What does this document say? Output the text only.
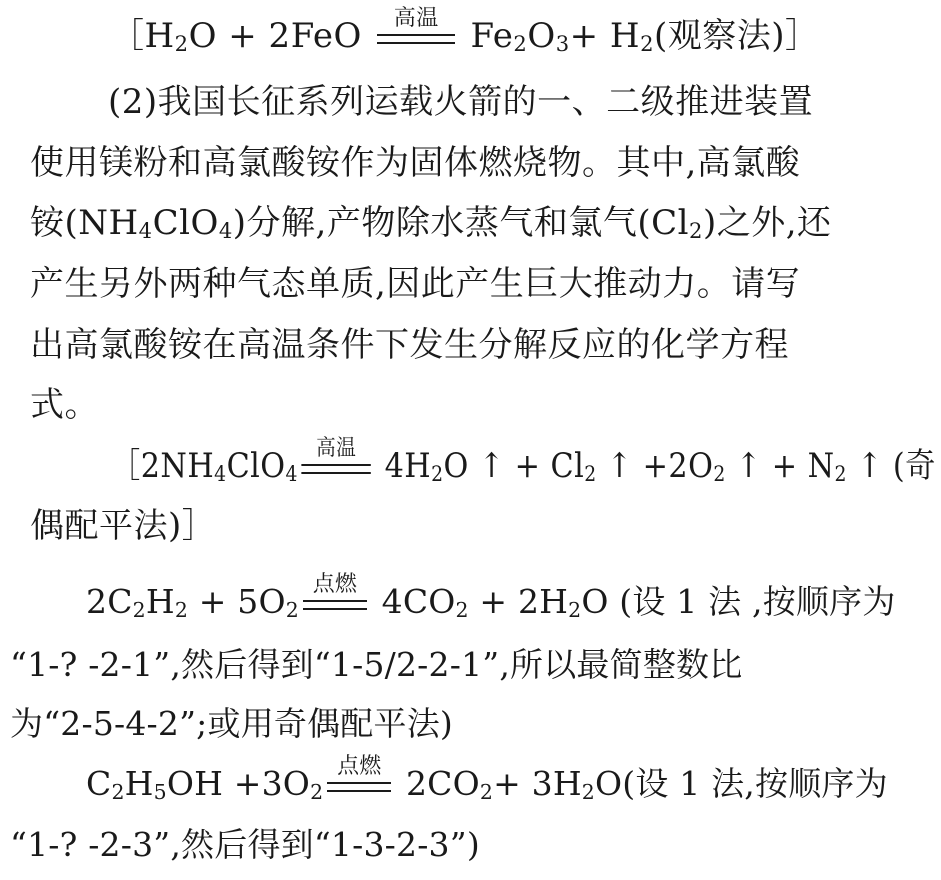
$[H_2O + 2FeO$ 高温 $Fe_2O_3+ H_2$(观察法)］
(2)我国长征系列运载火箭的一、二级推进装置
使用镁粉和高氯酸铵作为固体燃烧物。其中,高氯酸
铵$(NH_4ClO_4)$分解,产物除水蒸气和氯气$(Cl_2)$之外,还
产生另外两种气态单质,因此产生巨大推动力。请写
出高氯酸铵在高温条件下发生分解反应的化学方程
式。
$[2NH_4ClO_4$
高温 $4H_2O$ ↑ + $Cl_2$ ↑ $+2O_2$ ↑ + $N_2$ ↑ (奇
偶配平法)］
$2C_2H_2 + 5O_2$
点燃 $4CO_2 + 2H_2O$ (设 1 法 ,按顺序为
“1-? -2-1”,然后得到“1-5/2-2-1”,所以最简整数比
为“2-5-4-2”;或用奇偶配平法)
$C_2H_5OH +3O_2$
点燃 $2CO_2+ 3H_2O$(设 1 法,按顺序为
“1-? -2-3”,然后得到“1-3-2-3”)
